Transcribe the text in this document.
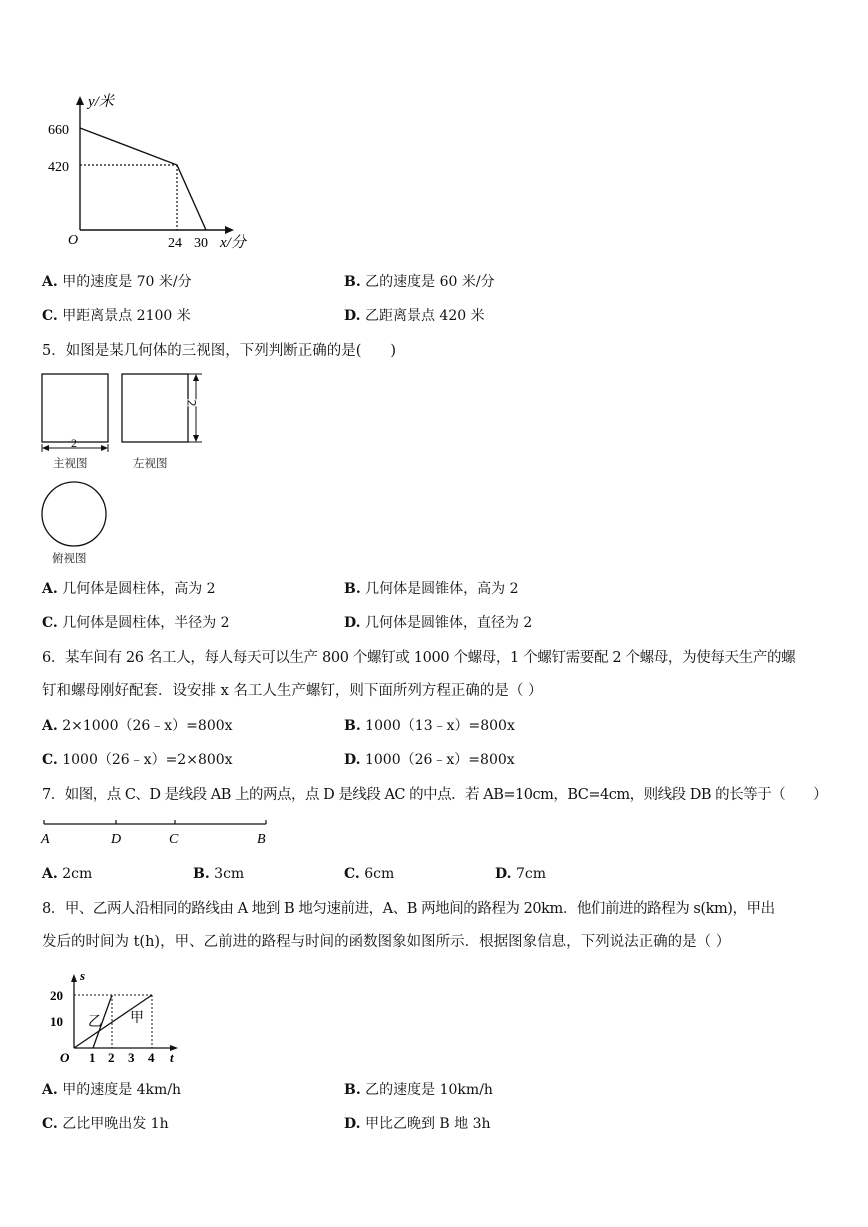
y/米
660
420
O	24 30 x/分
A. 甲的速度是 70 米/分	B. 乙的速度是 60 米/分
C. 甲距离景点 2100 米	D. 乙距离景点 420 米
5．如图是某几何体的三视图，下列判断正确的是(　　)
2
2
主视图	左视图
俯视图
A. 几何体是圆柱体，高为 2	B. 几何体是圆锥体，高为 2
C. 几何体是圆柱体，半径为 2	D. 几何体是圆锥体，直径为 2
6．某车间有 26 名工人，每人每天可以生产 800 个螺钉或 1000 个螺母，1 个螺钉需要配 2 个螺母，为使每天生产的螺
钉和螺母刚好配套．设安排 x 名工人生产螺钉，则下面所列方程正确的是（ ）
A. 2×1000（26﹣x）=800x	B. 1000（13﹣x）=800x
C. 1000（26﹣x）=2×800x	D. 1000（26﹣x）=800x
7．如图，点 C、D 是线段 AB 上的两点，点 D 是线段 AC 的中点．若 AB=10cm，BC=4cm，则线段 DB 的长等于（　　）
A	D	C	B
A. 2cm	B. 3cm	C. 6cm	D. 7cm
8．甲、乙两人沿相同的路线由 A 地到 B 地匀速前进，A、B 两地间的路程为 20km．他们前进的路程为 s(km)，甲出
发后的时间为 t(h)，甲、乙前进的路程与时间的函数图象如图所示．根据图象信息，下列说法正确的是（ ）
s
20
10
O 1 2 3 4 t
乙 甲
A. 甲的速度是 4km/h	B. 乙的速度是 10km/h
C. 乙比甲晚出发 1h	D. 甲比乙晚到 B 地 3h
